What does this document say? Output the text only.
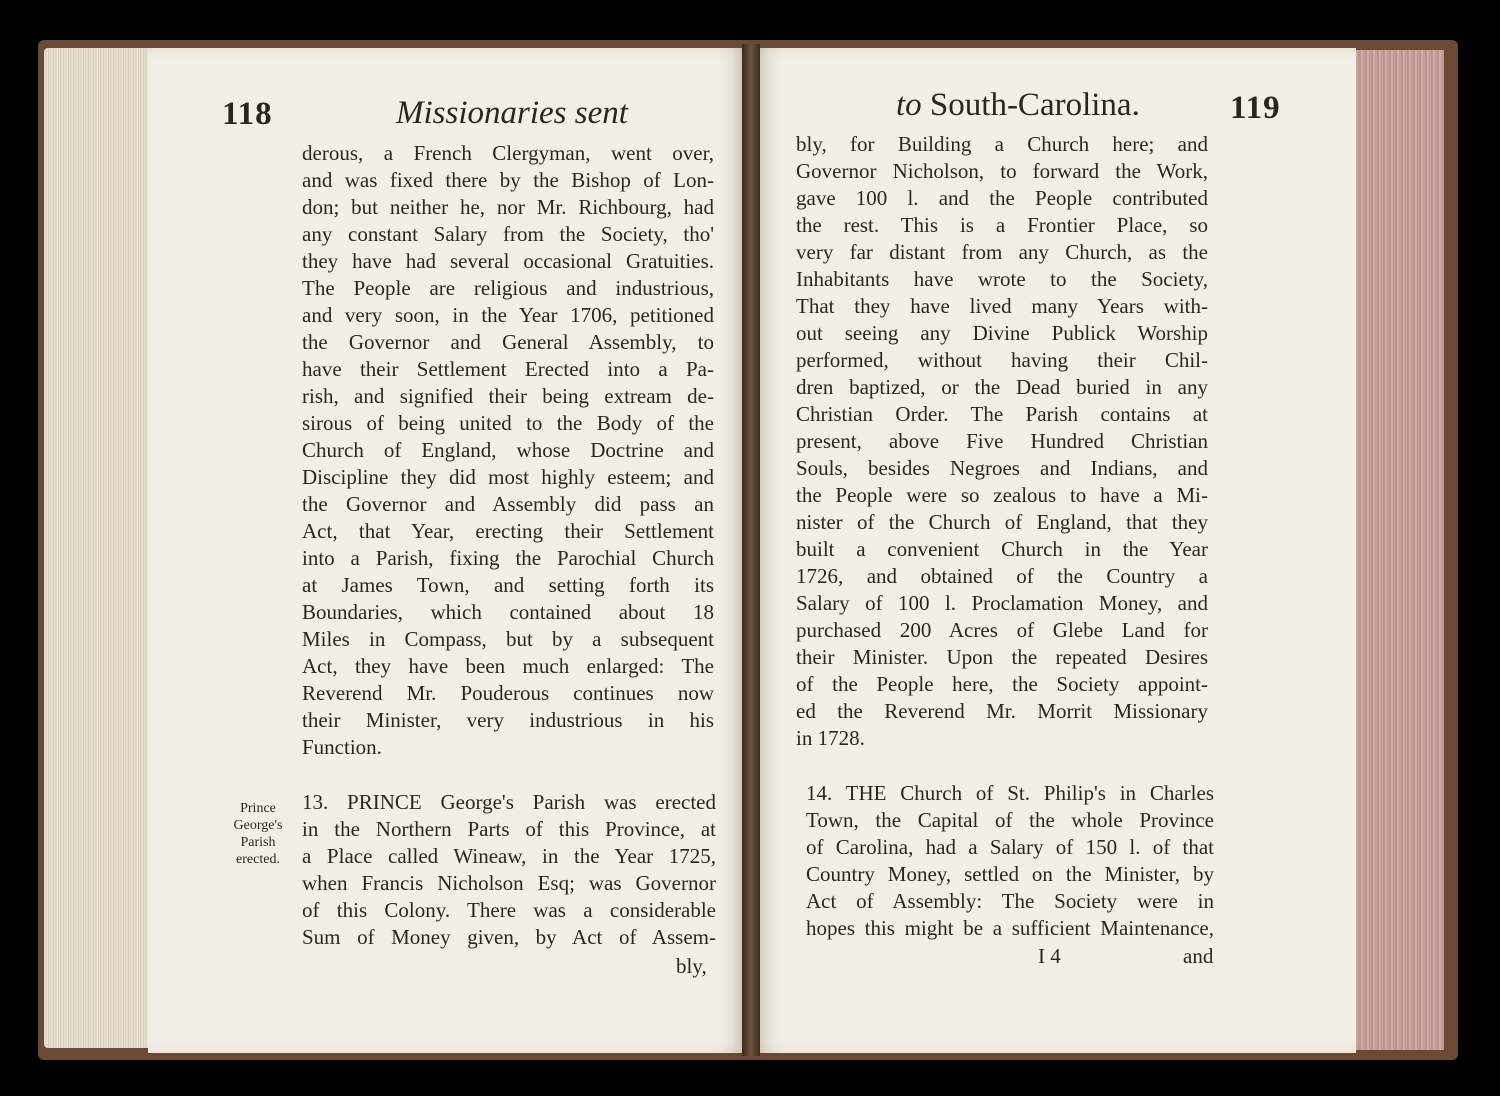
118	Missionaries sent
derous, a French Clergyman, went over,
and was fixed there by the Bishop of Lon-
don; but neither he, nor Mr. Richbourg, had
any constant Salary from the Society, tho'
they have had several occasional Gratuities.
The People are religious and industrious,
and very soon, in the Year 1706, petitioned
the Governor and General Assembly, to
have their Settlement Erected into a Pa-
rish, and signified their being extream de-
sirous of being united to the Body of the
Church of England, whose Doctrine and
Discipline they did most highly esteem; and
the Governor and Assembly did pass an
Act, that Year, erecting their Settlement
into a Parish, fixing the Parochial Church
at James Town, and setting forth its
Boundaries, which contained about 18
Miles in Compass, but by a subsequent
Act, they have been much enlarged: The
Reverend Mr. Pouderous continues now
their Minister, very industrious in his
Function.
13. PRINCE George's Parish was erected
in the Northern Parts of this Province, at
a Place called Wineaw, in the Year 1725,
when Francis Nicholson Esq; was Governor
of this Colony. There was a considerable
Sum of Money given, by Act of Assem-
bly,
Prince George's Parish erected.
to South-Carolina.	119
bly, for Building a Church here; and
Governor Nicholson, to forward the Work,
gave 100 l. and the People contributed
the rest. This is a Frontier Place, so
very far distant from any Church, as the
Inhabitants have wrote to the Society,
That they have lived many Years with-
out seeing any Divine Publick Worship
performed, without having their Chil-
dren baptized, or the Dead buried in any
Christian Order. The Parish contains at
present, above Five Hundred Christian
Souls, besides Negroes and Indians, and
the People were so zealous to have a Mi-
nister of the Church of England, that they
built a convenient Church in the Year
1726, and obtained of the Country a
Salary of 100 l. Proclamation Money, and
purchased 200 Acres of Glebe Land for
their Minister. Upon the repeated Desires
of the People here, the Society appoint-
ed the Reverend Mr. Morrit Missionary
in 1728.
14. THE Church of St. Philip's in Charles
Town, the Capital of the whole Province
of Carolina, had a Salary of 150 l. of that
Country Money, settled on the Minister, by
Act of Assembly: The Society were in
hopes this might be a sufficient Maintenance,
I 4	and
